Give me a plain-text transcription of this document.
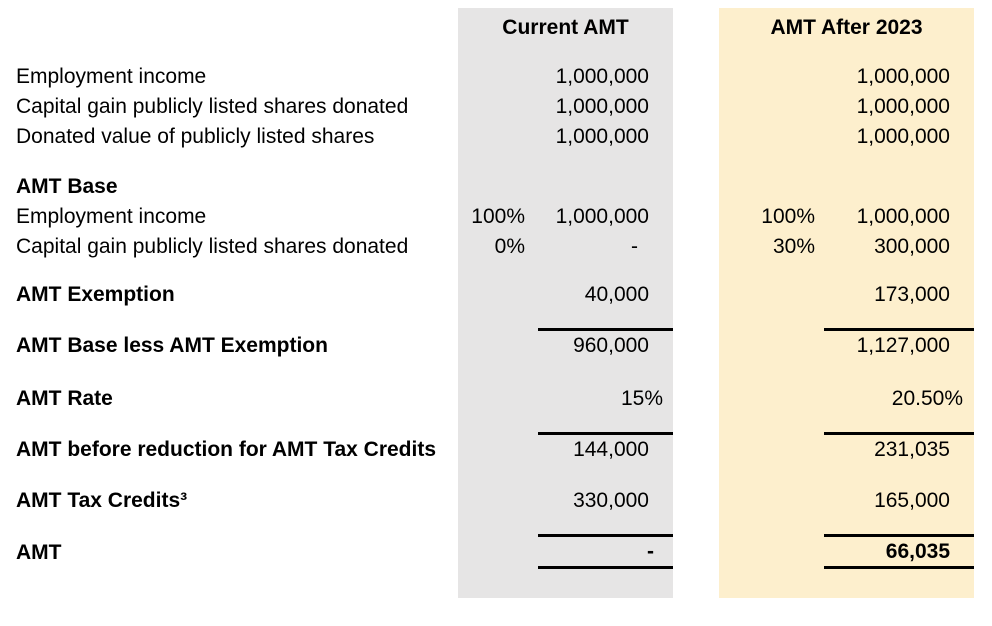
Current AMT	AMT After 2023
Employment income	1,000,000	1,000,000
Capital gain publicly listed shares donated	1,000,000	1,000,000
Donated value of publicly listed shares	1,000,000	1,000,000
AMT Base
Employment income	100%	1,000,000	100%	1,000,000
Capital gain publicly listed shares donated	0%	-	30%	300,000
AMT Exemption	40,000	173,000
AMT Base less AMT Exemption	960,000	1,127,000
AMT Rate	15%	20.50%
AMT before reduction for AMT Tax Credits	144,000	231,035
AMT Tax Credits³	330,000	165,000
AMT	-	66,035
